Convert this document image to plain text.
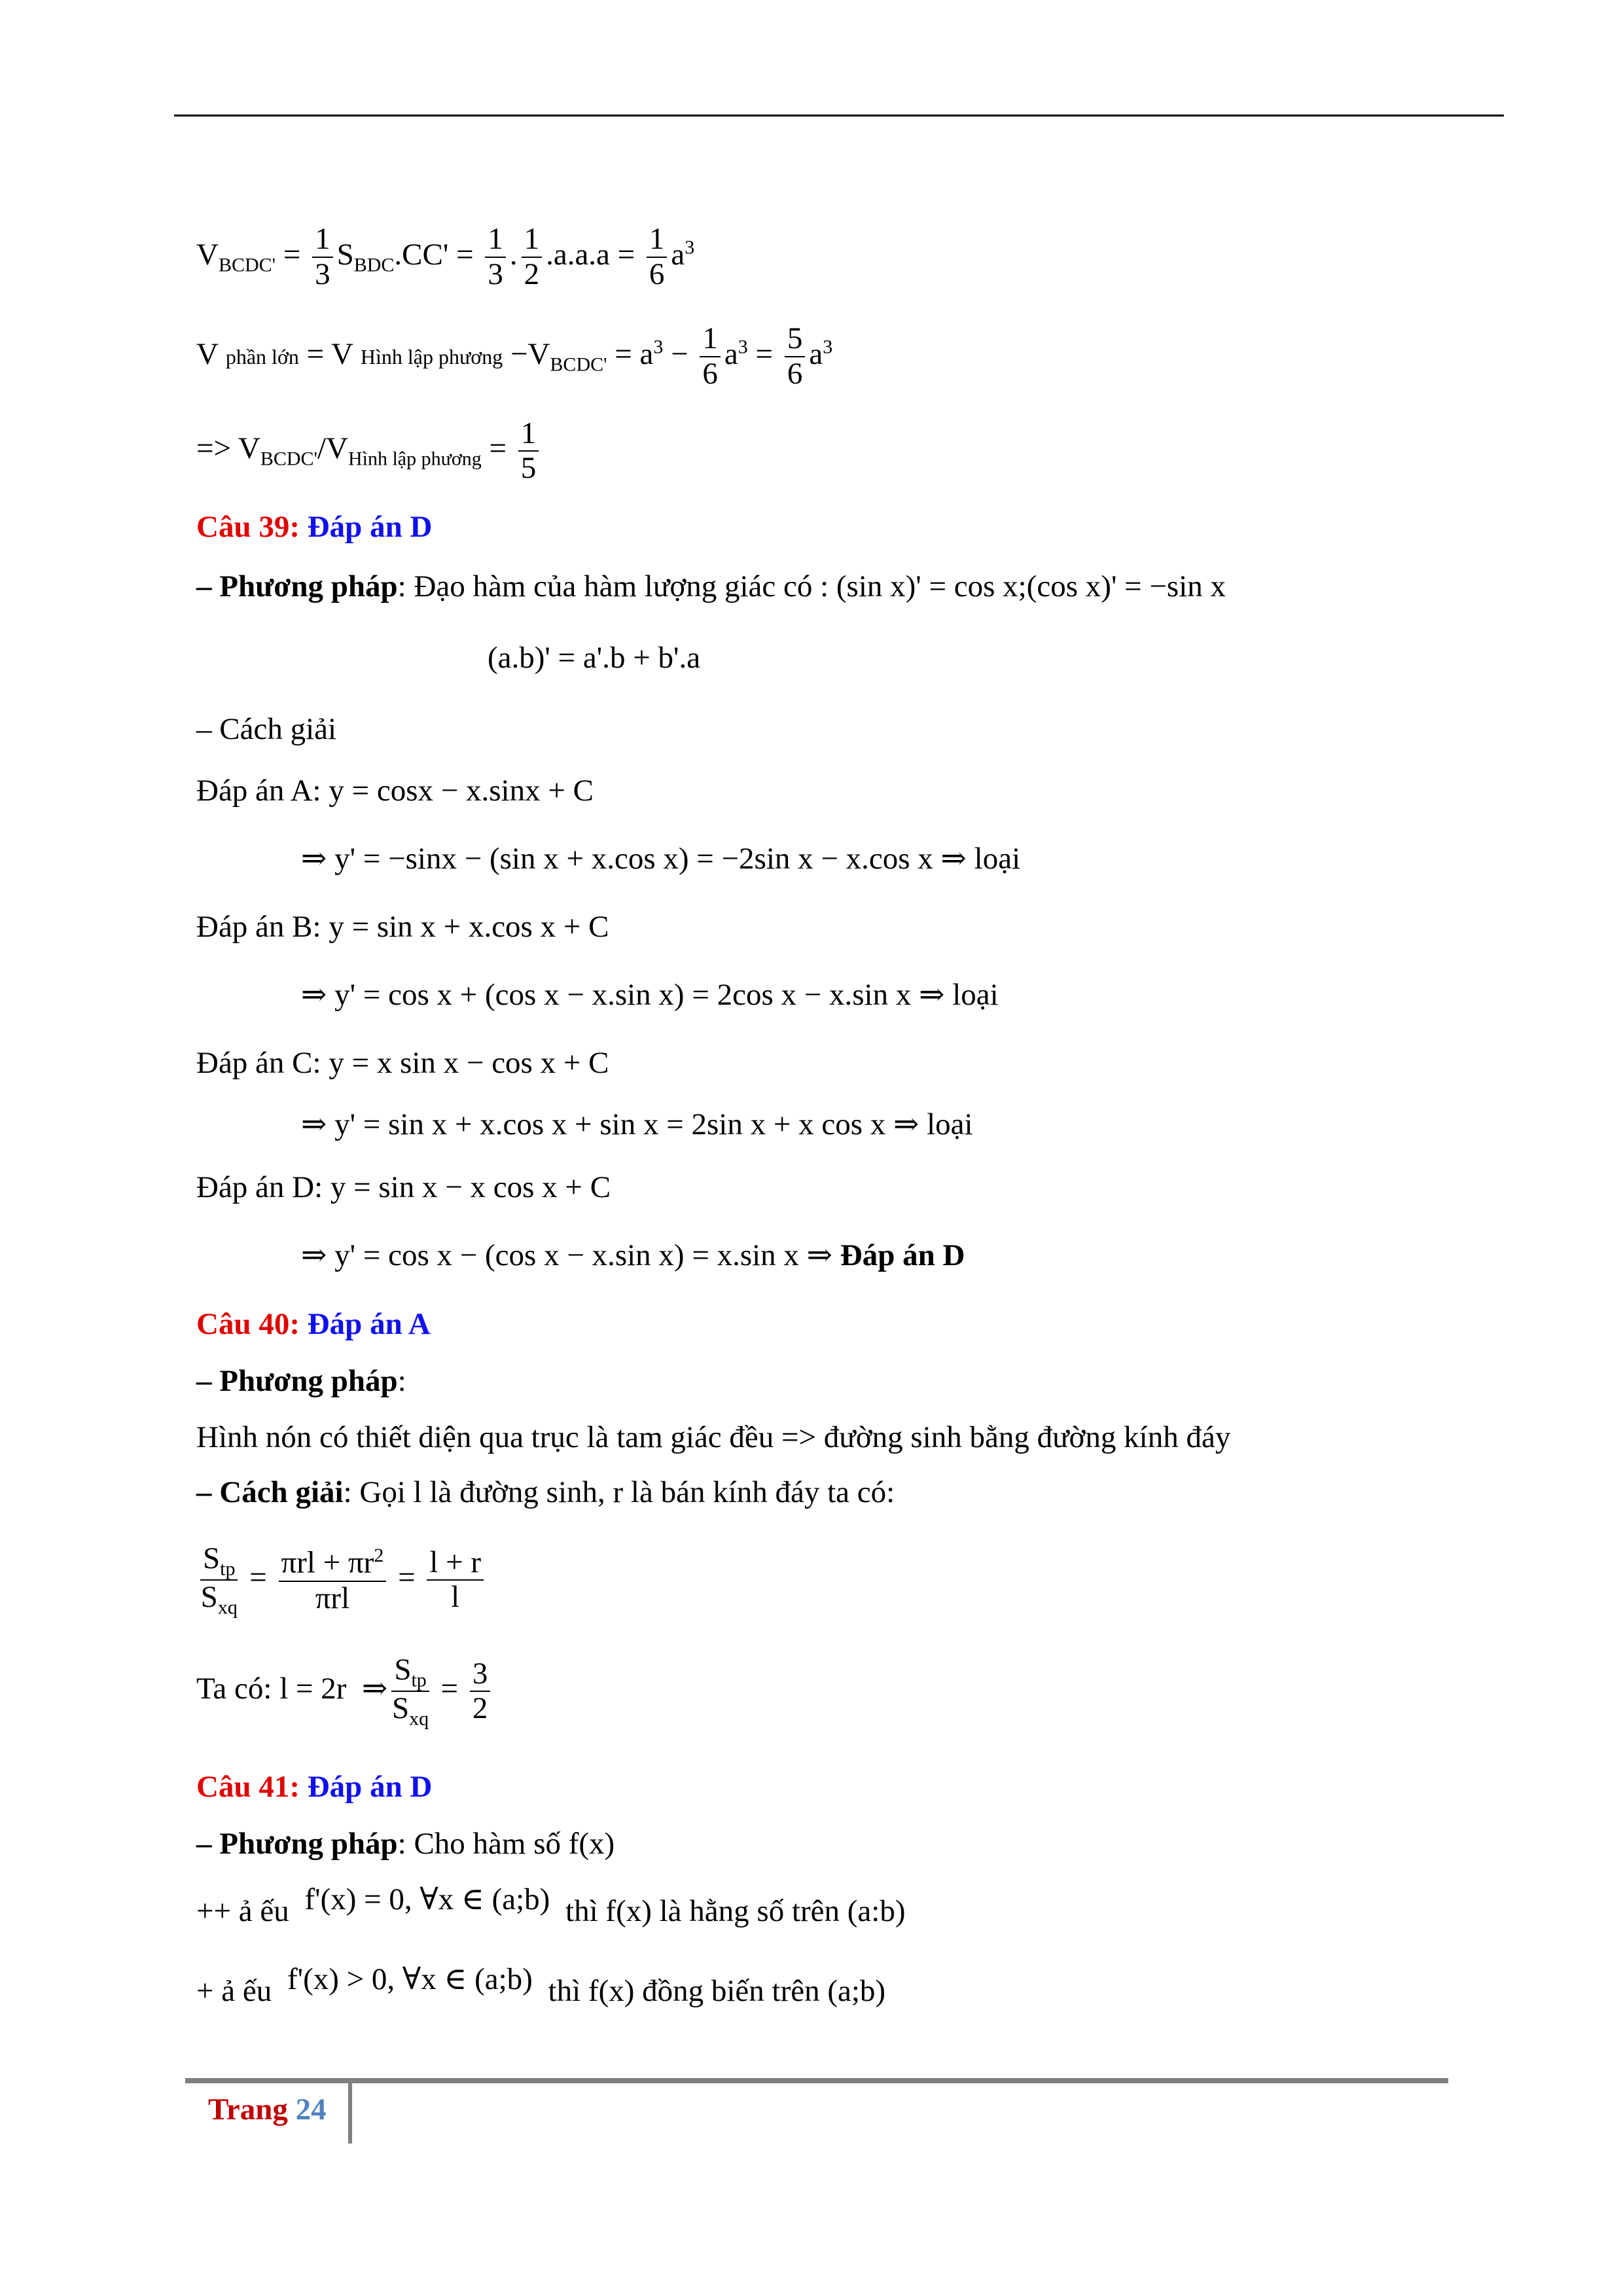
$V_{BCDC'} = \frac{1}{3} S_{BDC}.CC' = \frac{1}{3}$ . $\frac{1}{2} .a.a.a = \frac{1}{6} a^3$
V phần lớn = V Hình lập phương $-V_{BCDC'} = a^3 - \frac{1}{6} a^3 = \frac{5}{6} a^3$
=> $V_{BCDC'}/V_{Hình lập phương} = \frac{1}{5}$
Câu 39: Đáp án D
– Phương pháp: Đạo hàm của hàm lượng giác có : (sin x)' = cos x;(cos x)' = −sin x
(a.b)' = a'.b + b'.a
– Cách giải
Đáp án A: y = cosx − x.sinx + C
⇒ y' = −sinx − (sin x + x.cos x) = −2sin x − x.cos x ⇒ loại
Đáp án B: y = sin x + x.cos x + C
⇒ y' = cos x + (cos x − x.sin x) = 2cos x − x.sin x ⇒ loại
Đáp án C: y = x sin x − cos x + C
⇒ y' = sin x + x.cos x + sin x = 2sin x + x cos x ⇒ loại
Đáp án D: y = sin x − x cos x + C
⇒ y' = cos x − (cos x − x.sin x) = x.sin x ⇒ Đáp án D
Câu 40: Đáp án A
– Phương pháp:
Hình nón có thiết diện qua trục là tam giác đều => đường sinh bằng đường kính đáy
– Cách giải: Gọi l là đường sinh, r là bán kính đáy ta có:
$\frac{S_{tp}}{S_{xq}} = \frac{\pi rl + \pi r^2}{\text{πrl}} = \frac{l + r}{l}$
Ta có: l = 2r  ⇒ $\frac{S_{tp}}{S_{xq}} = \frac{3}{2}$
Câu 41: Đáp án D
– Phương pháp: Cho hàm số f(x)
++ ả ếu f'(x) = 0, ∀x ∈ (a;b) thì f(x) là hằng số trên (a:b)
+ ả ếu f'(x) > 0, ∀x ∈ (a;b) thì f(x) đồng biến trên (a;b)
Trang 24
